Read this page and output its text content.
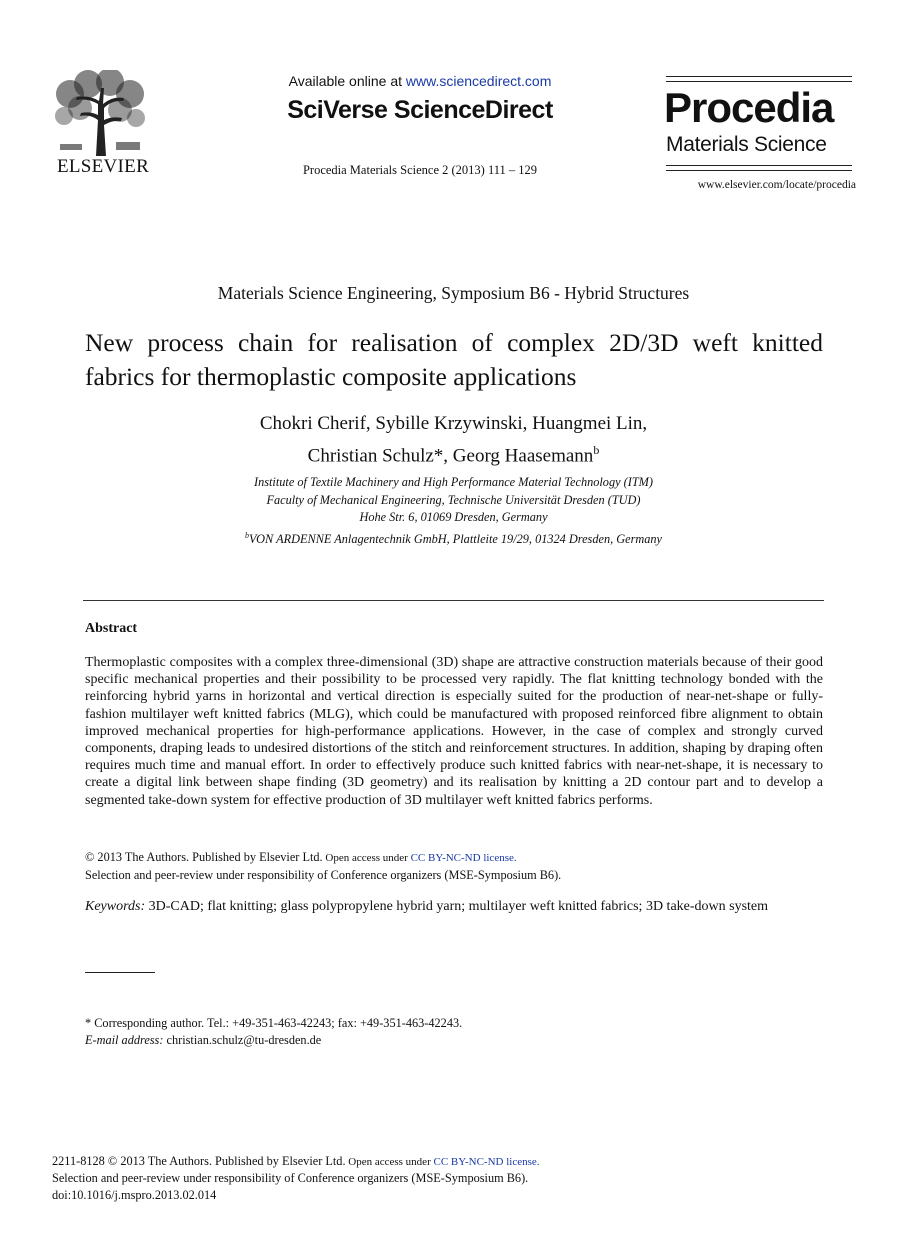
ELSEVIER
Available online at www.sciencedirect.com
SciVerse ScienceDirect
Procedia Materials Science 2 (2013) 111 – 129
Procedia
Materials Science
www.elsevier.com/locate/procedia
Materials Science Engineering, Symposium B6 - Hybrid Structures
New process chain for realisation of complex 2D/3D weft knitted fabrics for thermoplastic composite applications
Chokri Cherif, Sybille Krzywinski, Huangmei Lin,
Christian Schulz*, Georg Haasemann$^b$
Institute of Textile Machinery and High Performance Material Technology (ITM)
Faculty of Mechanical Engineering, Technische Universität Dresden (TUD)
Hohe Str. 6, 01069 Dresden, Germany
$^b$VON ARDENNE Anlagentechnik GmbH, Plattleite 19/29, 01324 Dresden, Germany
Abstract
Thermoplastic composites with a complex three-dimensional (3D) shape are attractive construction materials because of their good specific mechanical properties and their possibility to be processed very rapidly. The flat knitting technology bonded with the reinforcing hybrid yarns in horizontal and vertical direction is especially suited for the production of near-net-shape or fully-fashion multilayer weft knitted fabrics (MLG), which could be manufactured with proposed reinforced fibre alignment to obtain improved mechanical properties for high-performance applications. However, in the case of complex and strongly curved components, draping leads to undesired distortions of the stitch and reinforcement structures. In addition, shaping by draping often requires much time and manual effort. In order to effectively produce such knitted fabrics with near-net-shape, it is necessary to create a digital link between shape finding (3D geometry) and its realisation by knitting a 2D contour part and to develop a segmented take-down system for effective production of 3D multilayer weft knitted fabrics performs.
© 2013 The Authors. Published by Elsevier Ltd. Open access under CC BY-NC-ND license.
Selection and peer-review under responsibility of Conference organizers (MSE-Symposium B6).
Keywords: 3D-CAD; flat knitting; glass polypropylene hybrid yarn; multilayer weft knitted fabrics; 3D take-down system
* Corresponding author. Tel.: +49-351-463-42243; fax: +49-351-463-42243.
E-mail address: christian.schulz@tu-dresden.de
2211-8128 © 2013 The Authors. Published by Elsevier Ltd. Open access under CC BY-NC-ND license.
Selection and peer-review under responsibility of Conference organizers (MSE-Symposium B6).
doi:10.1016/j.mspro.2013.02.014
